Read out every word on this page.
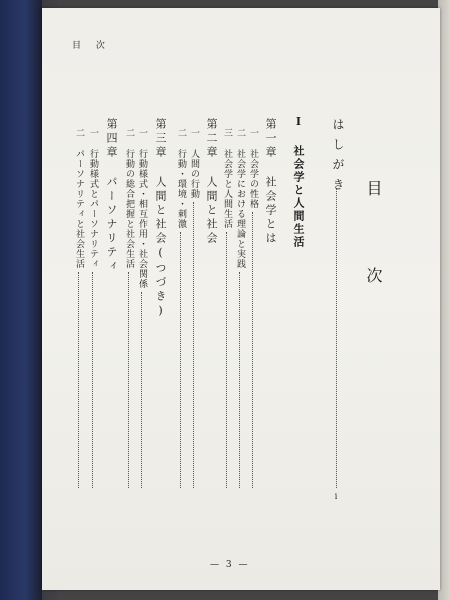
目 次
目 次
はしがき
i
I 社会学と人間生活
第一章 社会学とは
一 社会学の性格
二 社会学における理論と実践
三 社会学と人間生活
第二章 人間と社会
一 人間の行動
二 行動・環境・刺激
第三章 人間と社会(つづき)
一 行動様式・相互作用・社会関係
二 行動の総合把握と社会生活
第四章 パーソナリティ
一 行動様式とパーソナリティ
二 パーソナリティと社会生活
— 3 —
